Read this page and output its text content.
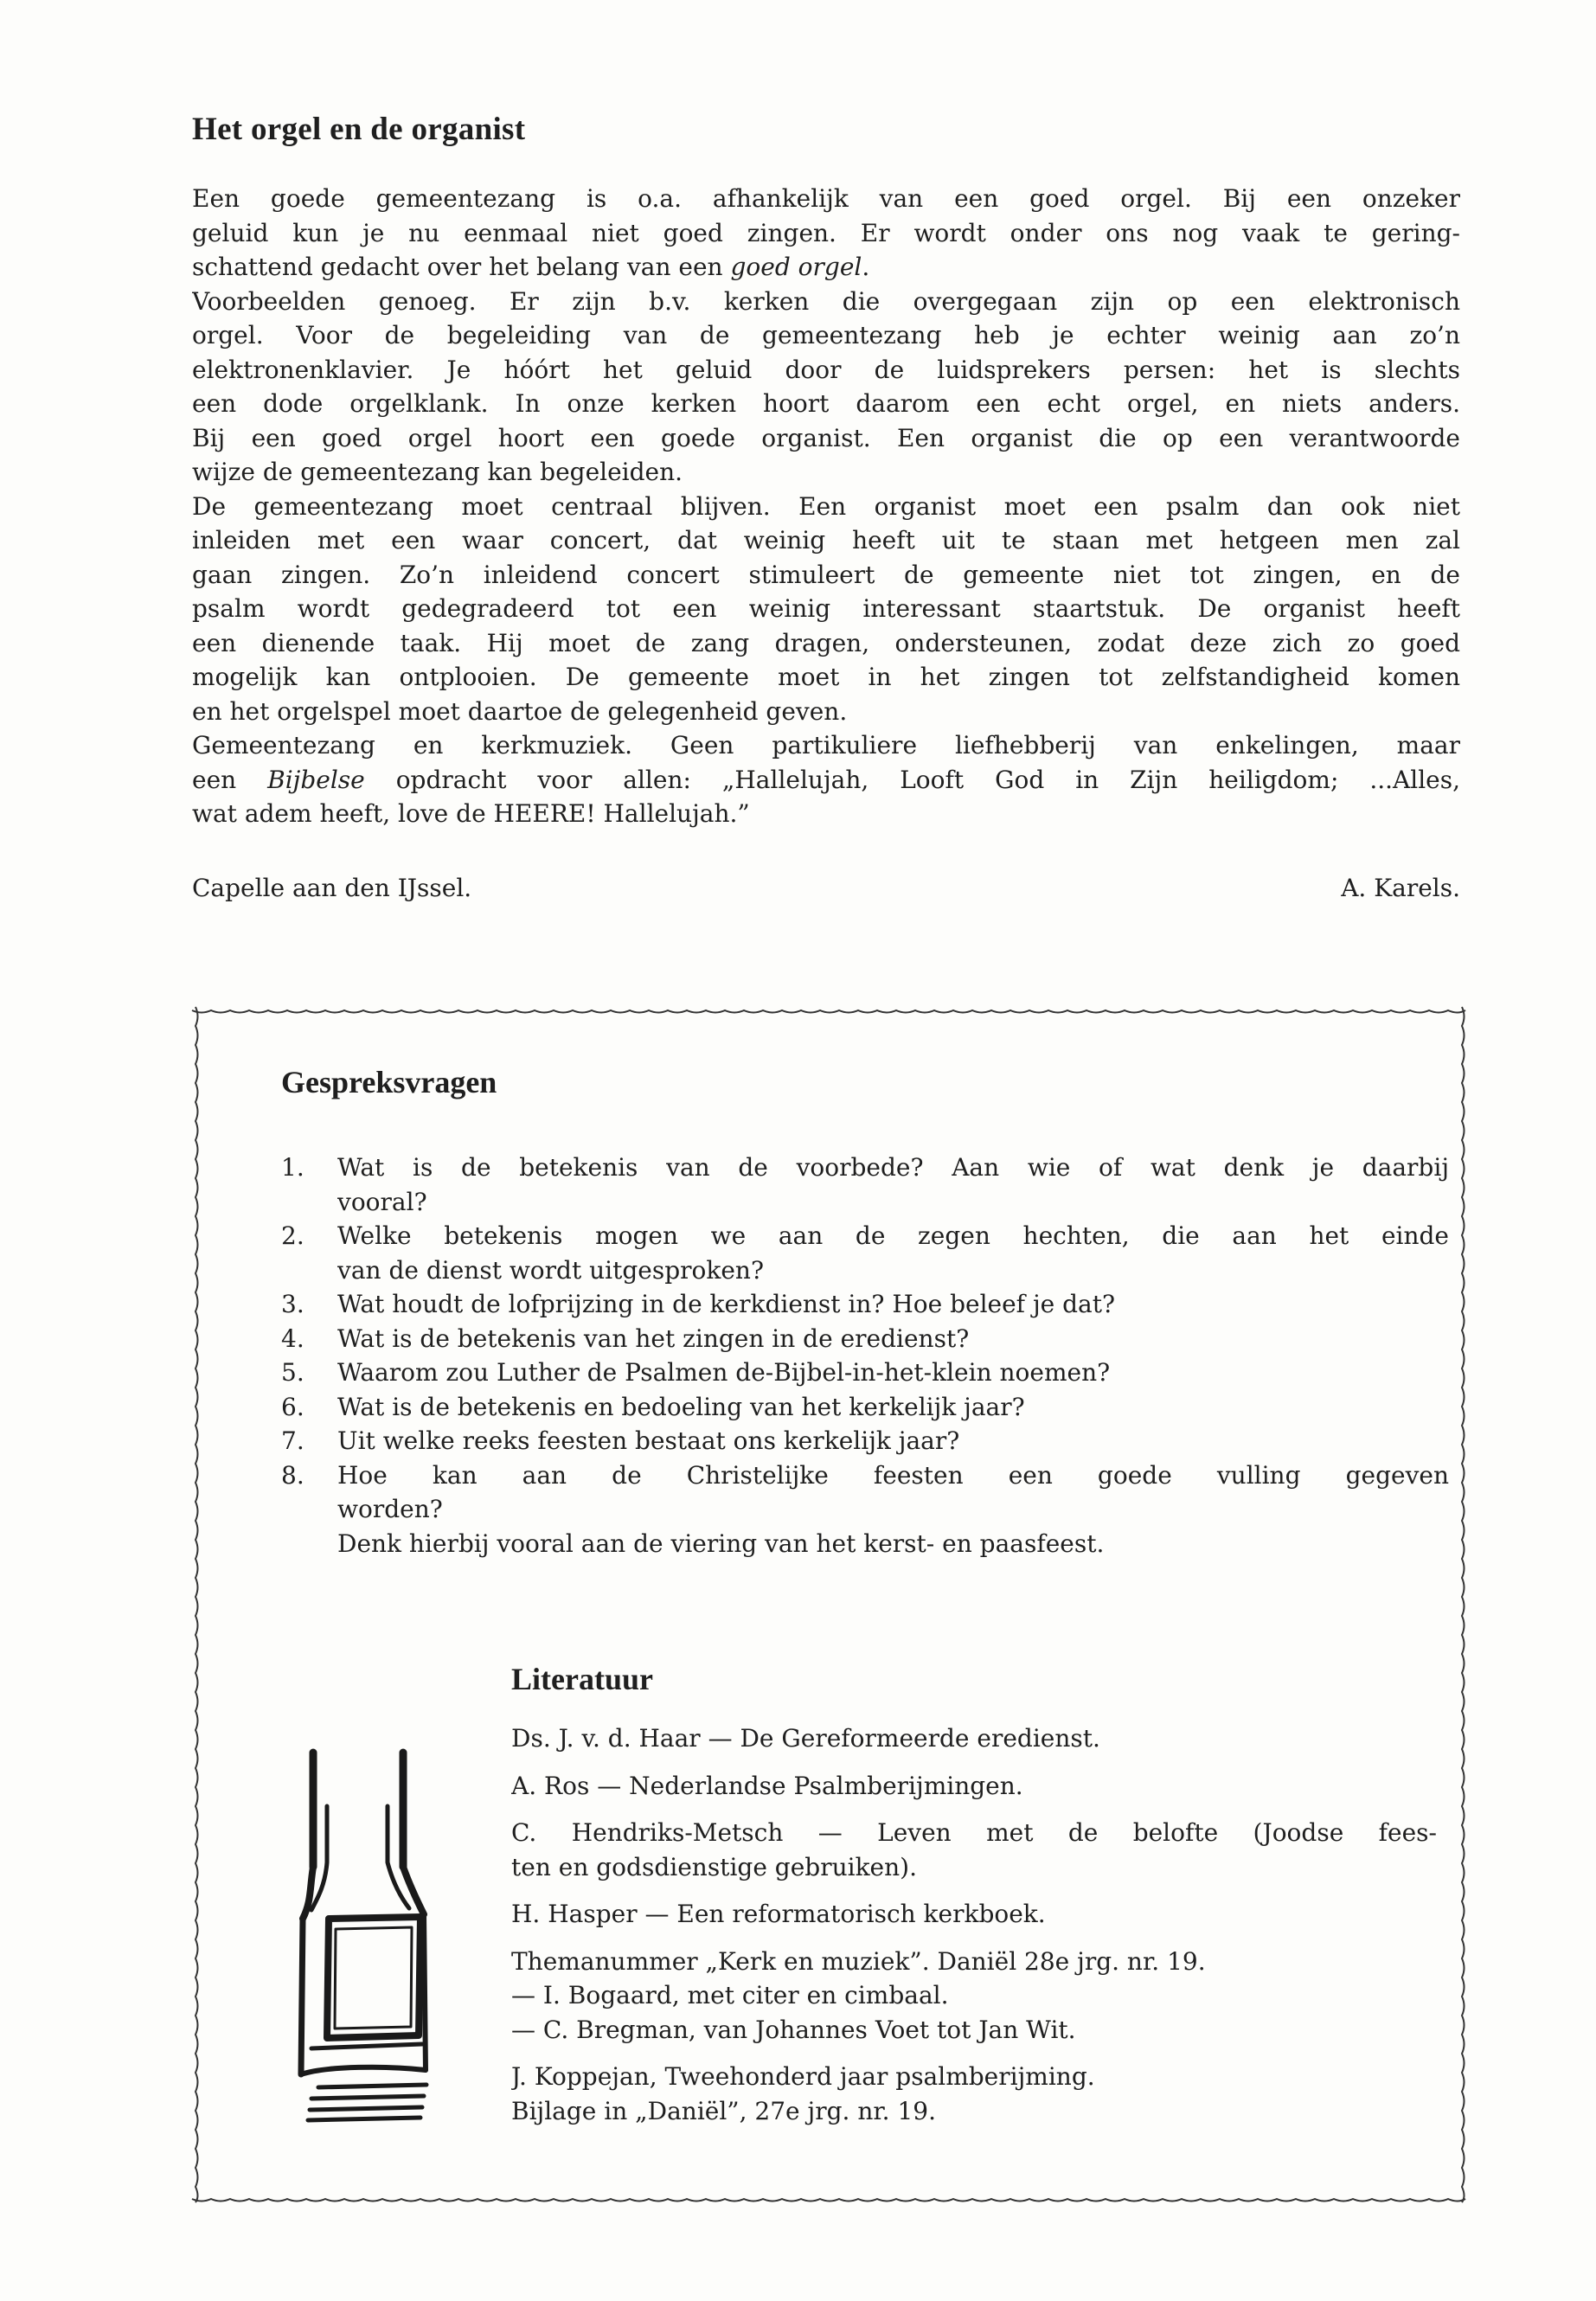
Het orgel en de organist
Een goede gemeentezang is o.a. afhankelijk van een goed orgel. Bij een onzeker
geluid kun je nu eenmaal niet goed zingen. Er wordt onder ons nog vaak te gering-
schattend gedacht over het belang van een goed orgel.
Voorbeelden genoeg. Er zijn b.v. kerken die overgegaan zijn op een elektronisch
orgel. Voor de begeleiding van de gemeentezang heb je echter weinig aan zo’n
elektronenklavier. Je hóórt het geluid door de luidsprekers persen: het is slechts
een dode orgelklank. In onze kerken hoort daarom een echt orgel, en niets anders.
Bij een goed orgel hoort een goede organist. Een organist die op een verantwoorde
wijze de gemeentezang kan begeleiden.
De gemeentezang moet centraal blijven. Een organist moet een psalm dan ook niet
inleiden met een waar concert, dat weinig heeft uit te staan met hetgeen men zal
gaan zingen. Zo’n inleidend concert stimuleert de gemeente niet tot zingen, en de
psalm wordt gedegradeerd tot een weinig interessant staartstuk. De organist heeft
een dienende taak. Hij moet de zang dragen, ondersteunen, zodat deze zich zo goed
mogelijk kan ontplooien. De gemeente moet in het zingen tot zelfstandigheid komen
en het orgelspel moet daartoe de gelegenheid geven.
Gemeentezang en kerkmuziek. Geen partikuliere liefhebberij van enkelingen, maar
een Bijbelse opdracht voor allen: „Hallelujah, Looft God in Zijn heiligdom; ...Alles,
wat adem heeft, love de HEERE! Hallelujah.”
Capelle aan den IJssel.	A. Karels.
Gespreksvragen
1. Wat is de betekenis van de voorbede? Aan wie of wat denk je daarbij
vooral?
2. Welke betekenis mogen we aan de zegen hechten, die aan het einde
van de dienst wordt uitgesproken?
3. Wat houdt de lofprijzing in de kerkdienst in? Hoe beleef je dat?
4. Wat is de betekenis van het zingen in de eredienst?
5. Waarom zou Luther de Psalmen de-Bijbel-in-het-klein noemen?
6. Wat is de betekenis en bedoeling van het kerkelijk jaar?
7. Uit welke reeks feesten bestaat ons kerkelijk jaar?
8. Hoe kan aan de Christelijke feesten een goede vulling gegeven
worden?
Denk hierbij vooral aan de viering van het kerst- en paasfeest.
Literatuur
Ds. J. v. d. Haar — De Gereformeerde eredienst.
A. Ros — Nederlandse Psalmberijmingen.
C. Hendriks-Metsch — Leven met de belofte (Joodse fees-
ten en godsdienstige gebruiken).
H. Hasper — Een reformatorisch kerkboek.
Themanummer „Kerk en muziek”. Daniël 28e jrg. nr. 19.
— I. Bogaard, met citer en cimbaal.
— C. Bregman, van Johannes Voet tot Jan Wit.
J. Koppejan, Tweehonderd jaar psalmberijming.
Bijlage in „Daniël”, 27e jrg. nr. 19.
